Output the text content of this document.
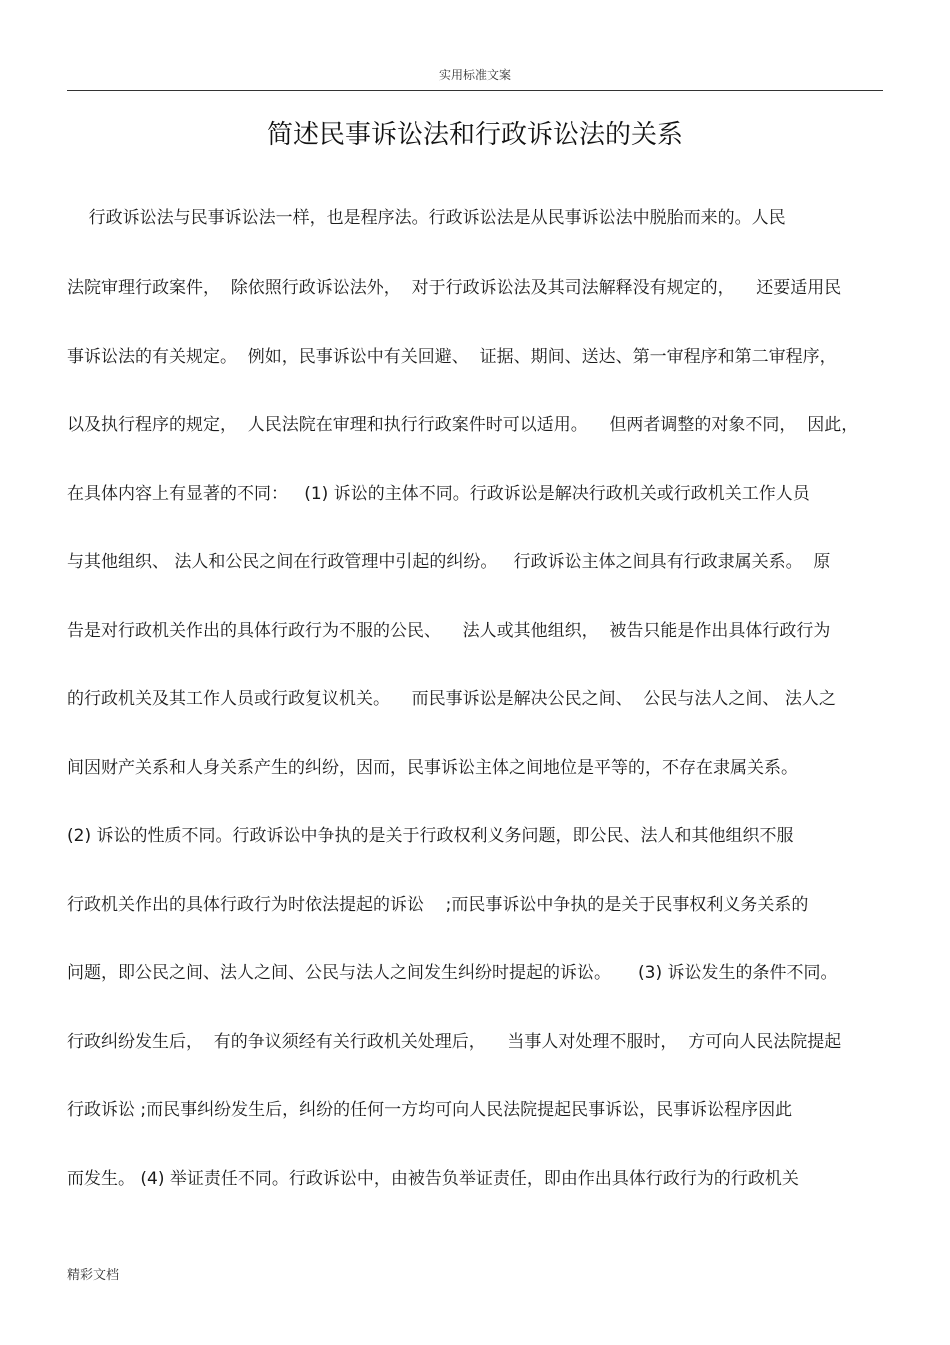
实用标准文案
简述民事诉讼法和行政诉讼法的关系
行政诉讼法与民事诉讼法一样，也是程序法。行政诉讼法是从民事诉讼法中脱胎而来的。人民
法院审理行政案件，  除依照行政诉讼法外，  对于行政诉讼法及其司法解释没有规定的，    还要适用民
事诉讼法的有关规定。  例如，民事诉讼中有关回避、  证据、期间、送达、第一审程序和第二审程序，
以及执行程序的规定，  人民法院在审理和执行行政案件时可以适用。    但两者调整的对象不同，  因此，
在具体内容上有显著的不同：   (1) 诉讼的主体不同。行政诉讼是解决行政机关或行政机关工作人员
与其他组织、 法人和公民之间在行政管理中引起的纠纷。   行政诉讼主体之间具有行政隶属关系。  原
告是对行政机关作出的具体行政行为不服的公民、    法人或其他组织，  被告只能是作出具体行政行为
的行政机关及其工作人员或行政复议机关。    而民事诉讼是解决公民之间、  公民与法人之间、 法人之
间因财产关系和人身关系产生的纠纷，因而，民事诉讼主体之间地位是平等的，不存在隶属关系。
(2) 诉讼的性质不同。行政诉讼中争执的是关于行政权利义务问题，即公民、法人和其他组织不服
行政机关作出的具体行政行为时依法提起的诉讼    ;而民事诉讼中争执的是关于民事权利义务关系的
问题，即公民之间、法人之间、公民与法人之间发生纠纷时提起的诉讼。     (3) 诉讼发生的条件不同。
行政纠纷发生后，  有的争议须经有关行政机关处理后，    当事人对处理不服时，  方可向人民法院提起
行政诉讼 ;而民事纠纷发生后，纠纷的任何一方均可向人民法院提起民事诉讼，民事诉讼程序因此
而发生。 (4) 举证责任不同。行政诉讼中，由被告负举证责任，即由作出具体行政行为的行政机关
精彩文档
